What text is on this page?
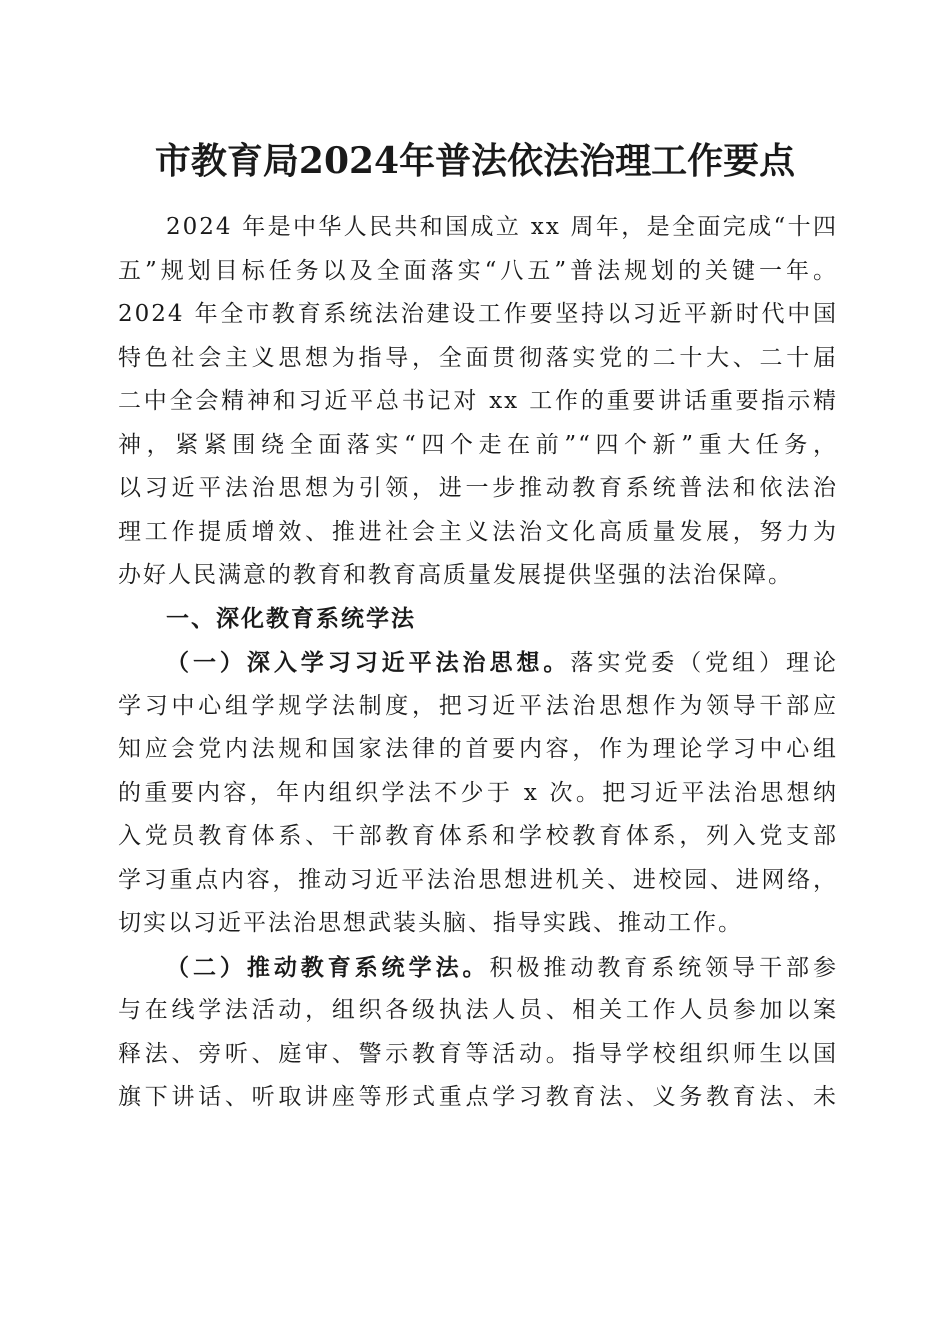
市教育局2024年普法依法治理工作要点
2024 年是中华人民共和国成立 xx 周年，是全面完成“十四
五”规划目标任务以及全面落实“八五”普法规划的关键一年。
2024 年全市教育系统法治建设工作要坚持以习近平新时代中国
特色社会主义思想为指导，全面贯彻落实党的二十大、二十届
二中全会精神和习近平总书记对 xx 工作的重要讲话重要指示精
神，紧紧围绕全面落实“四个走在前”“四个新”重大任务，
以习近平法治思想为引领，进一步推动教育系统普法和依法治
理工作提质增效、推进社会主义法治文化高质量发展，努力为
办好人民满意的教育和教育高质量发展提供坚强的法治保障。
一、深化教育系统学法
（一）深入学习习近平法治思想。落实党委（党组）理论
学习中心组学规学法制度，把习近平法治思想作为领导干部应
知应会党内法规和国家法律的首要内容，作为理论学习中心组
的重要内容，年内组织学法不少于 x 次。把习近平法治思想纳
入党员教育体系、干部教育体系和学校教育体系，列入党支部
学习重点内容，推动习近平法治思想进机关、进校园、进网络，
切实以习近平法治思想武装头脑、指导实践、推动工作。
（二）推动教育系统学法。积极推动教育系统领导干部参
与在线学法活动，组织各级执法人员、相关工作人员参加以案
释法、旁听、庭审、警示教育等活动。指导学校组织师生以国
旗下讲话、听取讲座等形式重点学习教育法、义务教育法、未
